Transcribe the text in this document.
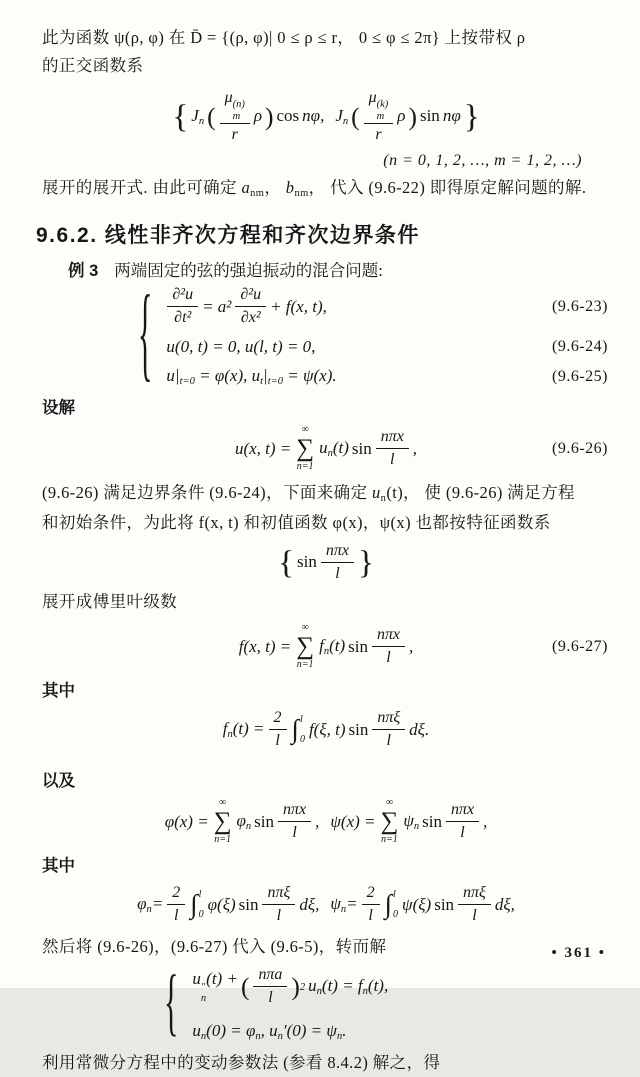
此为函数 ψ(ρ, φ) 在 D̄ = {(ρ, φ)| 0 ≤ ρ ≤ r， 0 ≤ φ ≤ 2π} 上按带权 ρ
的正交函数系
{ $J_n$ ( μ (n)
m
r ρ ) cos nφ, $J_n$ ( μ (k)
m
r ρ ) sin nφ }
(n = 0, 1, 2, …, m = 1, 2, …)
展开的展开式. 由此可确定 $a_{nm}$， $b_{nm}$， 代入 (9.6-22) 即得原定解问题的解.
9.6.2. 线性非齐次方程和齐次边界条件
例 3 两端固定的弦的强迫振动的混合问题:
{ $\frac{\text{∂²u}}{\text{∂t²}} = a^2 \frac{\text{∂²u}}{\text{∂x²}} + f(x$, t),	(9.6-23)
u(0, t) = 0, u(l, t) = 0,	(9.6-24)
$u|_{t=0} = \varphi(x)$, $u_t|_{t=0} = \psi(x)$.	(9.6-25)
设解
u(x, t) =
∞
∑
n=1
$u_n(t)$ $\sin \frac{\text{nπx}}{l}$ ,	(9.6-26)
(9.6-26) 满足边界条件 (9.6-24)，下面来确定 $u_n(t)$， 使 (9.6-26) 满足方程
和初始条件，为此将 f(x, t) 和初值函数 φ(x)，ψ(x) 也都按特征函数系
{ $\sin \frac{\text{nπx}}{l}$ }
展开成傅里叶级数
f(x, t) =
∞
∑
n=1
$f_n(t)$ $\sin \frac{\text{nπx}}{l}$ ,	(9.6-27)
其中
$f_n(t) = \frac{2}{l}$ ∫ l
0
f(ξ, t) $\sin \frac{\text{nπξ}}{l} d\xi$.
以及
φ(x) =
∞
∑
n=1
$\varphi_n$ $\sin \frac{\text{nπx}}{l}$ , ψ(x) =
∞
∑
n=1
$\psi_n$ $\sin \frac{\text{nπx}}{l}$ ,
其中
$\varphi_n= \frac{2}{l}$ ∫ l
0
φ(ξ) $\sin \frac{\text{nπξ}}{l} d\xi$, $\psi_n= \frac{2}{l}$ ∫ l
0
ψ(ξ) $\sin \frac{\text{nπξ}}{l} d\xi$,
然后将 (9.6-26)，(9.6-27) 代入 (9.6-5)，转而解
{ u ″
n
(t) + ( $\frac{\text{nπa}}{l} )^2$ $u_n(t) = f_n(t)$,
$u_n(0) = \varphi_n$, $u_n'(0) = \psi_n$.
利用常微分方程中的变动参数法 (参看 8.4.2) 解之，得
• 361 •
